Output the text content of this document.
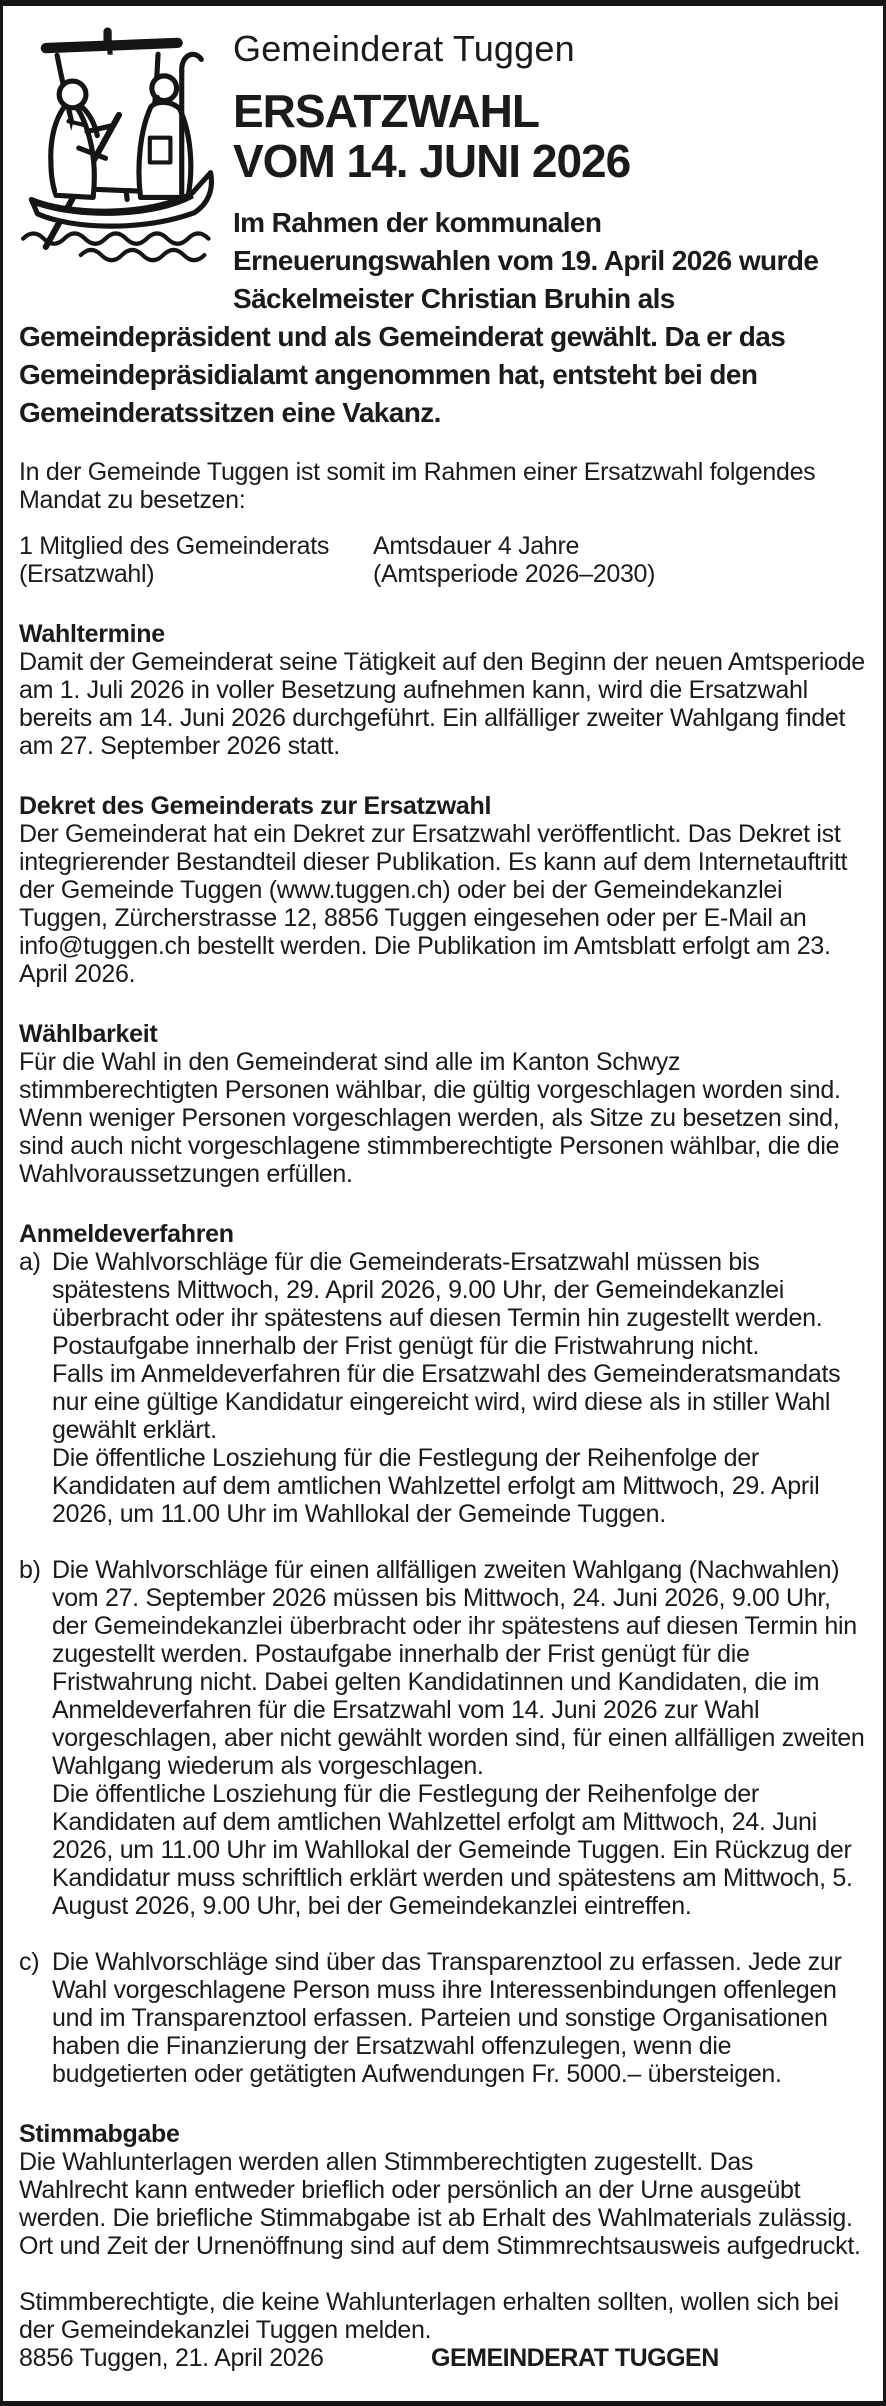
Gemeinderat Tuggen
ERSATZWAHL
VOM 14. JUNI 2026

Im Rahmen der kommunalen Erneuerungswahlen vom 19. April 2026 wurde Säckelmeister Christian Bruhin als Gemeindepräsident und als Gemeinderat gewählt. Da er das Gemeindepräsidialamt angenommen hat, entsteht bei den Gemeinderatssitzen eine Vakanz.

In der Gemeinde Tuggen ist somit im Rahmen einer Ersatzwahl folgendes Mandat zu besetzen:

1 Mitglied des Gemeinderats
(Ersatzwahl)
Amtsdauer 4 Jahre
(Amtsperiode 2026–2030)
Wahltermine

Damit der Gemeinderat seine Tätigkeit auf den Beginn der neuen Amtsperiode am 1. Juli 2026 in voller Besetzung aufnehmen kann, wird die Ersatzwahl bereits am 14. Juni 2026 durchgeführt. Ein allfälliger zweiter Wahlgang findet am 27. September 2026 statt.

Dekret des Gemeinderats zur Ersatzwahl

Der Gemeinderat hat ein Dekret zur Ersatzwahl veröffentlicht. Das Dekret ist integrierender Bestandteil dieser Publikation. Es kann auf dem Internetauftritt der Gemeinde Tuggen (www.tuggen.ch) oder bei der Gemeindekanzlei Tuggen, Zürcherstrasse 12, 8856 Tuggen eingesehen oder per E-Mail an info@tuggen.ch bestellt werden. Die Publikation im Amtsblatt erfolgt am 23. April 2026.

Wählbarkeit

Für die Wahl in den Gemeinderat sind alle im Kanton Schwyz stimmberechtigten Personen wählbar, die gültig vorgeschlagen worden sind. Wenn weniger Personen vorgeschlagen werden, als Sitze zu besetzen sind, sind auch nicht vorgeschlagene stimmberechtigte Personen wählbar, die die Wahlvoraussetzungen erfüllen.

Anmeldeverfahren
a) Die Wahlvorschläge für die Gemeinderats-Ersatzwahl müssen bis spätestens Mittwoch, 29. April 2026, 9.00 Uhr, der Gemeindekanzlei überbracht oder ihr spätestens auf diesen Termin hin zugestellt werden. Postaufgabe innerhalb der Frist genügt für die Fristwahrung nicht.

Falls im Anmeldeverfahren für die Ersatzwahl des Gemeinderatsmandats nur eine gültige Kandidatur eingereicht wird, wird diese als in stiller Wahl gewählt erklärt.

Die öffentliche Losziehung für die Festlegung der Reihenfolge der Kandidaten auf dem amtlichen Wahlzettel erfolgt am Mittwoch, 29. April 2026, um 11.00 Uhr im Wahllokal der Gemeinde Tuggen.

b) Die Wahlvorschläge für einen allfälligen zweiten Wahlgang (Nachwahlen) vom 27. September 2026 müssen bis Mittwoch, 24. Juni 2026, 9.00 Uhr, der Gemeindekanzlei überbracht oder ihr spätestens auf diesen Termin hin zugestellt werden. Postaufgabe innerhalb der Frist genügt für die Fristwahrung nicht. Dabei gelten Kandidatinnen und Kandidaten, die im Anmeldeverfahren für die Ersatzwahl vom 14. Juni 2026 zur Wahl vorgeschlagen, aber nicht gewählt worden sind, für einen allfälligen zweiten Wahlgang wiederum als vorgeschlagen.

Die öffentliche Losziehung für die Festlegung der Reihenfolge der Kandidaten auf dem amtlichen Wahlzettel erfolgt am Mittwoch, 24. Juni 2026, um 11.00 Uhr im Wahllokal der Gemeinde Tuggen. Ein Rückzug der Kandidatur muss schriftlich erklärt werden und spätestens am Mittwoch, 5. August 2026, 9.00 Uhr, bei der Gemeindekanzlei eintreffen.

c) Die Wahlvorschläge sind über das Transparenztool zu erfassen. Jede zur Wahl vorgeschlagene Person muss ihre Interessenbindungen offenlegen und im Transparenztool erfassen. Parteien und sonstige Organisationen haben die Finanzierung der Ersatzwahl offenzulegen, wenn die budgetierten oder getätigten Aufwendungen Fr. 5000.– übersteigen.

Stimmabgabe

Die Wahlunterlagen werden allen Stimmberechtigten zugestellt. Das Wahlrecht kann entweder brieflich oder persönlich an der Urne ausgeübt werden. Die briefliche Stimmabgabe ist ab Erhalt des Wahlmaterials zulässig. Ort und Zeit der Urnenöffnung sind auf dem Stimmrechtsausweis aufgedruckt.

Stimmberechtigte, die keine Wahlunterlagen erhalten sollten, wollen sich bei der Gemeindekanzlei Tuggen melden.

8856 Tuggen, 21. April 2026	GEMEINDERAT TUGGEN
